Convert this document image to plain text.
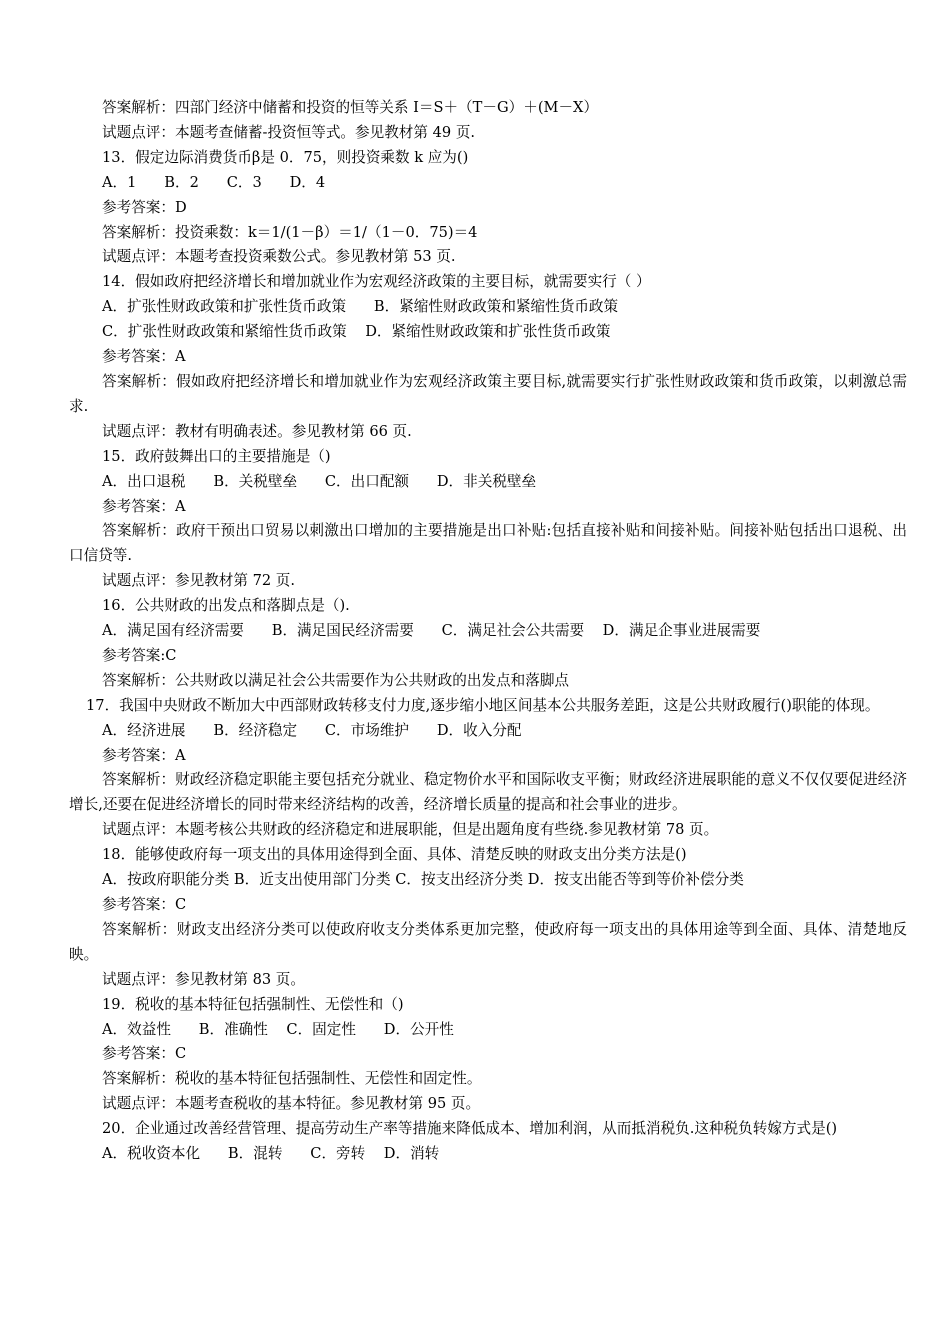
答案解析：四部门经济中储蓄和投资的恒等关系 I＝S＋（T－G）＋(M－X）
试题点评：本题考查储蓄-投资恒等式。参见教材第 49 页.
13．假定边际消费货币β是 0．75，则投资乘数 k 应为()
A．1      B．2      C．3      D．4
参考答案：D
答案解析：投资乘数：k＝1/(1－β）＝1/（1－0．75)＝4
试题点评：本题考查投资乘数公式。参见教材第 53 页.
14．假如政府把经济增长和增加就业作为宏观经济政策的主要目标，就需要实行（ ）
A．扩张性财政政策和扩张性货币政策      B．紧缩性财政政策和紧缩性货币政策
C．扩张性财政政策和紧缩性货币政策    D．紧缩性财政政策和扩张性货币政策
参考答案：A
答案解析：假如政府把经济增长和增加就业作为宏观经济政策主要目标,就需要实行扩张性财政政策和货币政策，以刺激总需求.
试题点评：教材有明确表述。参见教材第 66 页.
15．政府鼓舞出口的主要措施是（)
A．出口退税      B．关税壁垒      C．出口配额      D．非关税壁垒
参考答案：A
答案解析：政府干预出口贸易以刺激出口增加的主要措施是出口补贴:包括直接补贴和间接补贴。间接补贴包括出口退税、出口信贷等.
试题点评：参见教材第 72 页.
16．公共财政的出发点和落脚点是（).
A．满足国有经济需要      B．满足国民经济需要      C．满足社会公共需要    D．满足企事业进展需要
参考答案:C
答案解析：公共财政以满足社会公共需要作为公共财政的出发点和落脚点
17．我国中央财政不断加大中西部财政转移支付力度,逐步缩小地区间基本公共服务差距，这是公共财政履行()职能的体现。
A．经济进展      B．经济稳定      C．市场维护      D．收入分配
参考答案：A
答案解析：财政经济稳定职能主要包括充分就业、稳定物价水平和国际收支平衡；财政经济进展职能的意义不仅仅要促进经济增长,还要在促进经济增长的同时带来经济结构的改善，经济增长质量的提高和社会事业的进步。
试题点评：本题考核公共财政的经济稳定和进展职能，但是出题角度有些绕.参见教材第 78 页。
18．能够使政府每一项支出的具体用途得到全面、具体、清楚反映的财政支出分类方法是()
A．按政府职能分类 B．近支出使用部门分类 C．按支出经济分类 D．按支出能否等到等价补偿分类
参考答案：C
答案解析：财政支出经济分类可以使政府收支分类体系更加完整，使政府每一项支出的具体用途等到全面、具体、清楚地反映。
试题点评：参见教材第 83 页。
19．税收的基本特征包括强制性、无偿性和（)
A．效益性      B．准确性    C．固定性      D．公开性
参考答案：C
答案解析：税收的基本特征包括强制性、无偿性和固定性。
试题点评：本题考查税收的基本特征。参见教材第 95 页。
20．企业通过改善经营管理、提高劳动生产率等措施来降低成本、增加利润，从而抵消税负.这种税负转嫁方式是()
A．税收资本化      B．混转      C．旁转    D．消转
